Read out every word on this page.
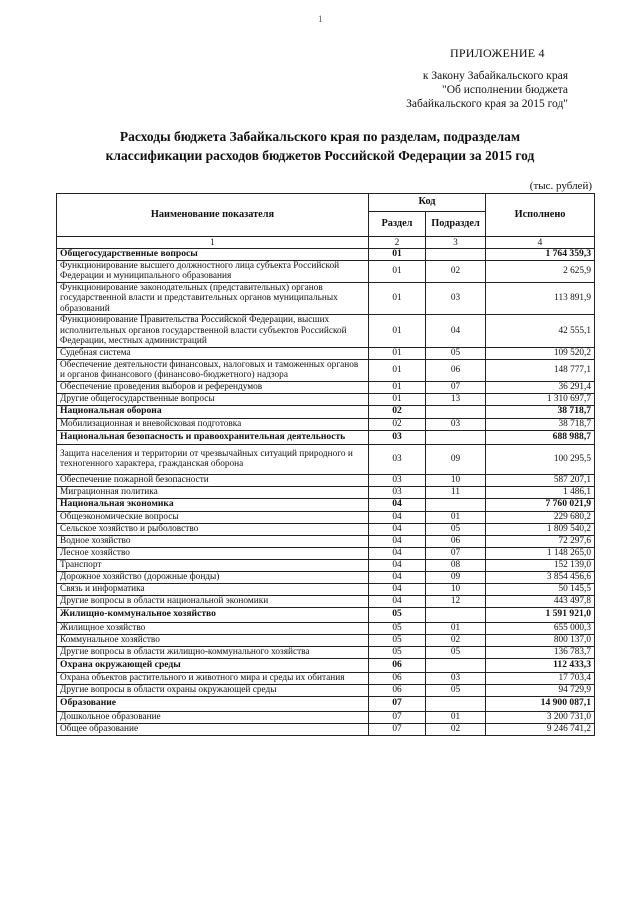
1
ПРИЛОЖЕНИЕ 4
к Закону Забайкальского края
"Об исполнении бюджета
Забайкальского края за 2015 год"
Расходы бюджета Забайкальского края по разделам, подразделам
классификации расходов бюджетов Российской Федерации за 2015 год
(тыс. рублей)
Наименование показателя	Код		Исполнено
	Раздел	Подраздел	
1	2	3	4
Общегосударственные вопросы	01		1 764 359,3
Функционирование высшего должностного лица субъекта Российской Федерации и муниципального образования	01	02	2 625,9
Функционирование законодательных (представительных) органов государственной власти и представительных органов муниципальных образований	01	03	113 891,9
Функционирование Правительства Российской Федерации, высших исполнительных органов государственной власти субъектов Российской Федерации, местных администраций	01	04	42 555,1
Судебная система	01	05	109 520,2
Обеспечение деятельности финансовых, налоговых и таможенных органов и органов финансового (финансово-бюджетного) надзора	01	06	148 777,1
Обеспечение проведения выборов и референдумов	01	07	36 291,4
Другие общегосударственные вопросы	01	13	1 310 697,7
Национальная оборона	02		38 718,7
Мобилизационная и вневойсковая подготовка	02	03	38 718,7
Национальная безопасность и правоохранительная деятельность	03		688 988,7
Защита населения и территории от чрезвычайных ситуаций природного и техногенного характера, гражданская оборона	03	09	100 295,5
Обеспечение пожарной безопасности	03	10	587 207,1
Миграционная политика	03	11	1 486,1
Национальная экономика	04		7 760 021,9
Общеэкономические вопросы	04	01	229 680,2
Сельское хозяйство и рыболовство	04	05	1 809 540,2
Водное хозяйство	04	06	72 297,6
Лесное хозяйство	04	07	1 148 265,0
Транспорт	04	08	152 139,0
Дорожное хозяйство (дорожные фонды)	04	09	3 854 456,6
Связь и информатика	04	10	50 145,5
Другие вопросы в области национальной экономики	04	12	443 497,8
Жилищно-коммунальное хозяйство	05		1 591 921,0
Жилищное хозяйство	05	01	655 000,3
Коммунальное хозяйство	05	02	800 137,0
Другие вопросы в области жилищно-коммунального хозяйства	05	05	136 783,7
Охрана окружающей среды	06		112 433,3
Охрана объектов растительного и животного мира и среды их обитания	06	03	17 703,4
Другие вопросы в области охраны окружающей среды	06	05	94 729,9
Образование	07		14 900 087,1
Дошкольное образование	07	01	3 200 731,0
Общее образование	07	02	9 246 741,2
